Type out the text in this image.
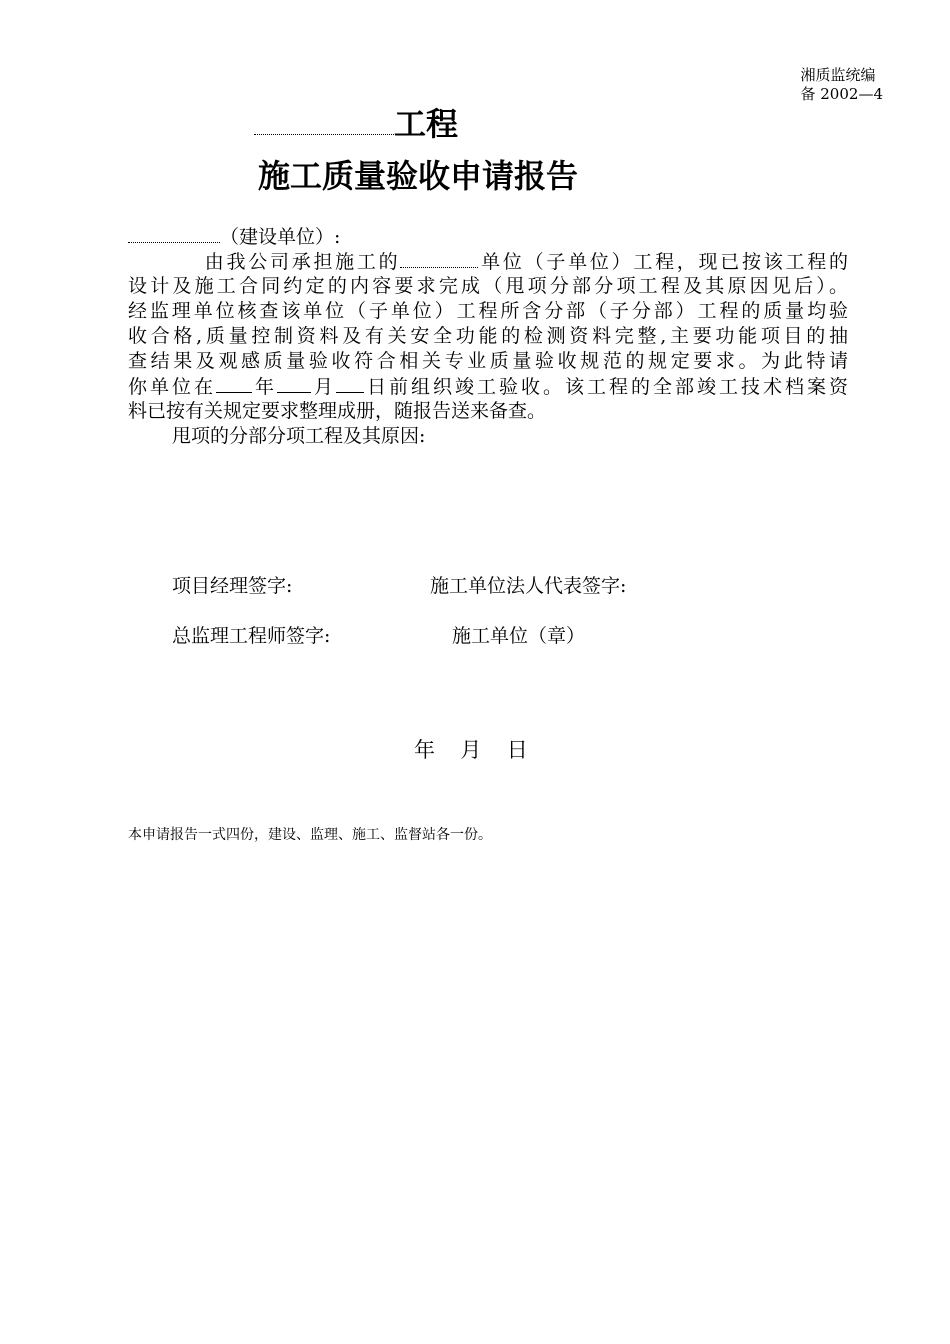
湘质监统编
备 2002—4
工程
施工质量验收申请报告
（建设单位）:
由我公司承担施工的	单位（子单位）工程，现已按该工程的
设计及施工合同约定的内容要求完成（甩项分部分项工程及其原因见后）。
经监理单位核查该单位（子单位）工程所含分部（子分部）工程的质量均验
收合格,质量控制资料及有关安全功能的检测资料完整,主要功能项目的抽
查结果及观感质量验收符合相关专业质量验收规范的规定要求。为此特请
你单位在 年 月 日前组织竣工验收。该工程的全部竣工技术档案资
料已按有关规定要求整理成册，随报告送来备查。
甩项的分部分项工程及其原因:
项目经理签字:	施工单位法人代表签字:
总监理工程师签字:	施工单位（章）
年  月  日
本申请报告一式四份，建设、监理、施工、监督站各一份。
